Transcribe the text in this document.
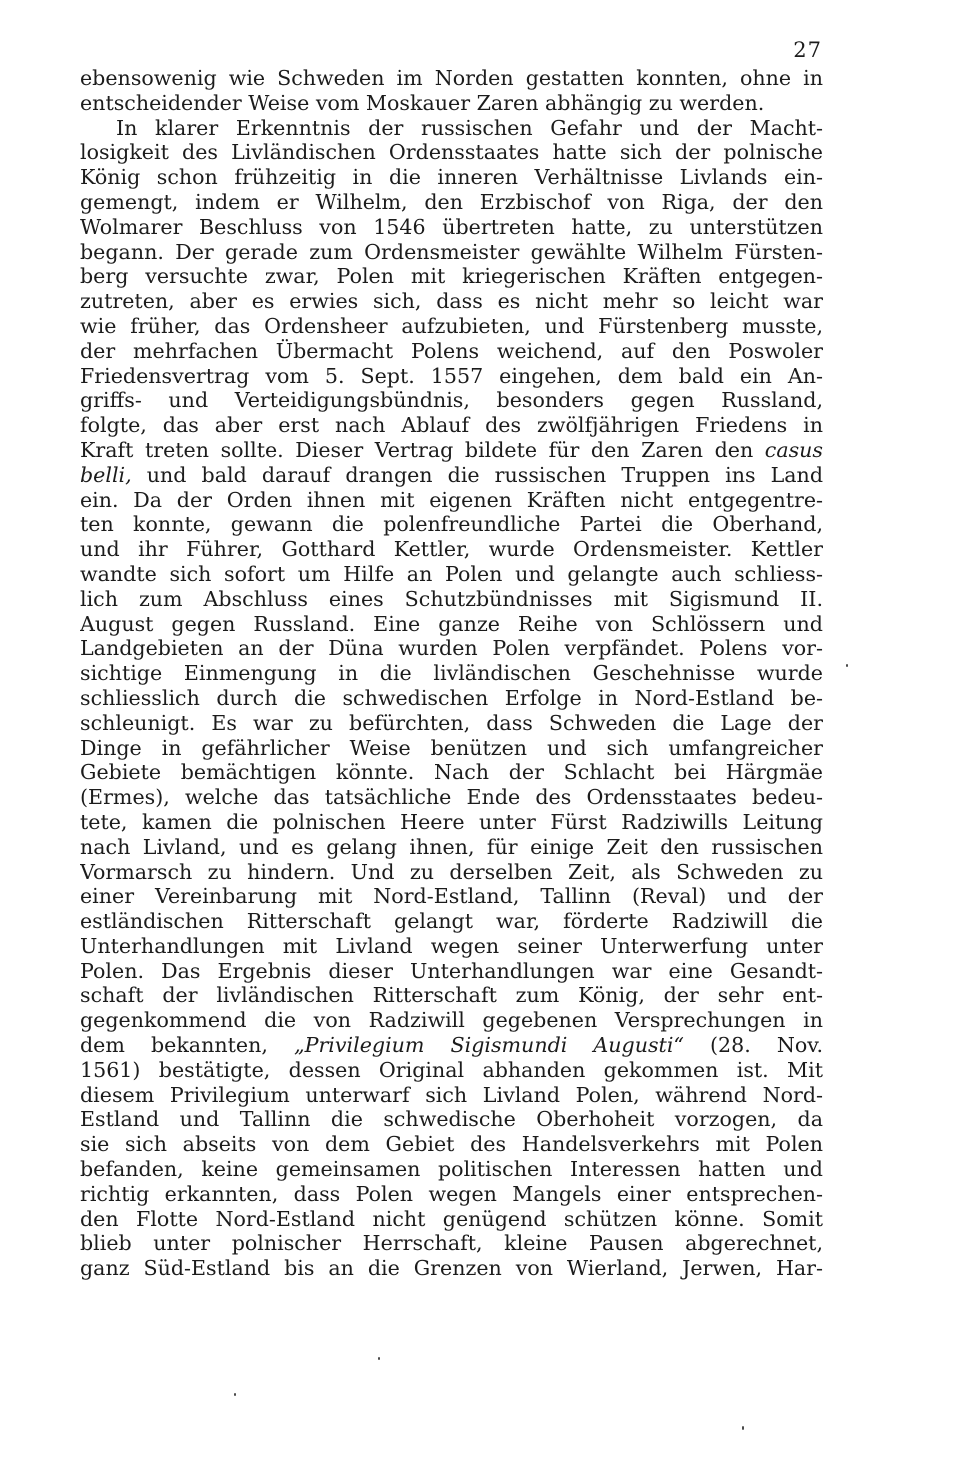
27
ebensowenig wie Schweden im Norden gestatten konnten, ohne in
entscheidender Weise vom Moskauer Zaren abhängig zu werden.
In klarer Erkenntnis der russischen Gefahr und der Macht-
losigkeit des Livländischen Ordensstaates hatte sich der polnische
König schon frühzeitig in die inneren Verhältnisse Livlands ein-
gemengt, indem er Wilhelm, den Erzbischof von Riga, der den
Wolmarer Beschluss von 1546 übertreten hatte, zu unterstützen
begann. Der gerade zum Ordensmeister gewählte Wilhelm Fürsten-
berg versuchte zwar, Polen mit kriegerischen Kräften entgegen-
zutreten, aber es erwies sich, dass es nicht mehr so leicht war
wie früher, das Ordensheer aufzubieten, und Fürstenberg musste,
der mehrfachen Übermacht Polens weichend, auf den Poswoler
Friedensvertrag vom 5. Sept. 1557 eingehen, dem bald ein An-
griffs- und Verteidigungsbündnis, besonders gegen Russland,
folgte, das aber erst nach Ablauf des zwölfjährigen Friedens in
Kraft treten sollte. Dieser Vertrag bildete für den Zaren den casus
belli, und bald darauf drangen die russischen Truppen ins Land
ein. Da der Orden ihnen mit eigenen Kräften nicht entgegentre-
ten konnte, gewann die polenfreundliche Partei die Oberhand,
und ihr Führer, Gotthard Kettler, wurde Ordensmeister. Kettler
wandte sich sofort um Hilfe an Polen und gelangte auch schliess-
lich zum Abschluss eines Schutzbündnisses mit Sigismund II.
August gegen Russland. Eine ganze Reihe von Schlössern und
Landgebieten an der Düna wurden Polen verpfändet. Polens vor-
sichtige Einmengung in die livländischen Geschehnisse wurde
schliesslich durch die schwedischen Erfolge in Nord-Estland be-
schleunigt. Es war zu befürchten, dass Schweden die Lage der
Dinge in gefährlicher Weise benützen und sich umfangreicher
Gebiete bemächtigen könnte. Nach der Schlacht bei Härgmäe
(Ermes), welche das tatsächliche Ende des Ordensstaates bedeu-
tete, kamen die polnischen Heere unter Fürst Radziwills Leitung
nach Livland, und es gelang ihnen, für einige Zeit den russischen
Vormarsch zu hindern. Und zu derselben Zeit, als Schweden zu
einer Vereinbarung mit Nord-Estland, Tallinn (Reval) und der
estländischen Ritterschaft gelangt war, förderte Radziwill die
Unterhandlungen mit Livland wegen seiner Unterwerfung unter
Polen. Das Ergebnis dieser Unterhandlungen war eine Gesandt-
schaft der livländischen Ritterschaft zum König, der sehr ent-
gegenkommend die von Radziwill gegebenen Versprechungen in
dem bekannten, „Privilegium Sigismundi Augusti“ (28. Nov.
1561) bestätigte, dessen Original abhanden gekommen ist. Mit
diesem Privilegium unterwarf sich Livland Polen, während Nord-
Estland und Tallinn die schwedische Oberhoheit vorzogen, da
sie sich abseits von dem Gebiet des Handelsverkehrs mit Polen
befanden, keine gemeinsamen politischen Interessen hatten und
richtig erkannten, dass Polen wegen Mangels einer entsprechen-
den Flotte Nord-Estland nicht genügend schützen könne. Somit
blieb unter polnischer Herrschaft, kleine Pausen abgerechnet,
ganz Süd-Estland bis an die Grenzen von Wierland, Jerwen, Har-
